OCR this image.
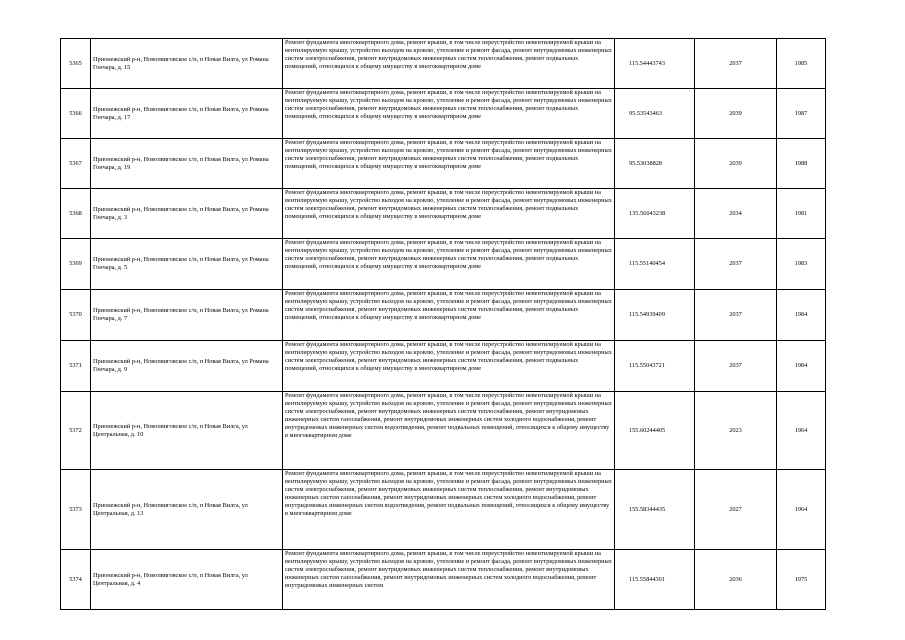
5365	Прионежский р-н, Новопвиговское с/п, п Новая Вилга, ул Романа Гончара, д. 15	Ремонт фундамента многоквартирного дома, ремонт крыши, в том числе переустройство невентилируемой крыши на вентилируемую крышу, устройство выходов на кровлю, утепление и ремонт фасада, ремонт внутридомовых инженерных систем электроснабжения, ремонт внутридомовых инженерных систем теплоснабжения, ремонт подвальных помещений, относящихся к общему имуществу в многоквартирном доме	115.54443743	2037	1985
5366	Прионежский р-н, Новопвиговское с/п, п Новая Вилга, ул Романа Гончара, д. 17	Ремонт фундамента многоквартирного дома, ремонт крыши, в том числе переустройство невентилируемой крыши на вентилируемую крышу, устройство выходов на кровлю, утепление и ремонт фасада, ремонт внутридомовых инженерных систем электроснабжения, ремонт внутридомовых инженерных систем теплоснабжения, ремонт подвальных помещений, относящихся к общему имуществу в многоквартирном доме	95.53543463	2039	1987
5367	Прионежский р-н, Новопвиговское с/п, п Новая Вилга, ул Романа Гончара, д. 19	Ремонт фундамента многоквартирного дома, ремонт крыши, в том числе переустройство невентилируемой крыши на вентилируемую крышу, устройство выходов на кровлю, утепление и ремонт фасада, ремонт внутридомовых инженерных систем электроснабжения, ремонт внутридомовых инженерных систем теплоснабжения, ремонт подвальных помещений, относящихся к общему имуществу в многоквартирном доме	95.53038828	2039	1988
5368	Прионежский р-н, Новопвиговское с/п, п Новая Вилга, ул Романа Гончара, д. 3	Ремонт фундамента многоквартирного дома, ремонт крыши, в том числе переустройство невентилируемой крыши на вентилируемую крышу, устройство выходов на кровлю, утепление и ремонт фасада, ремонт внутридомовых инженерных систем электроснабжения, ремонт внутридомовых инженерных систем теплоснабжения, ремонт подвальных помещений, относящихся к общему имуществу в многоквартирном доме	135.56043238	2034	1981
5369	Прионежский р-н, Новопвиговское с/п, п Новая Вилга, ул Романа Гончара, д. 5	Ремонт фундамента многоквартирного дома, ремонт крыши, в том числе переустройство невентилируемой крыши на вентилируемую крышу, устройство выходов на кровлю, утепление и ремонт фасада, ремонт внутридомовых инженерных систем электроснабжения, ремонт внутридомовых инженерных систем теплоснабжения, ремонт подвальных помещений, относящихся к общему имуществу в многоквартирном доме	115.55140454	2037	1983
5370	Прионежский р-н, Новопвиговское с/п, п Новая Вилга, ул Романа Гончара, д. 7	Ремонт фундамента многоквартирного дома, ремонт крыши, в том числе переустройство невентилируемой крыши на вентилируемую крышу, устройство выходов на кровлю, утепление и ремонт фасада, ремонт внутридомовых инженерных систем электроснабжения, ремонт внутридомовых инженерных систем теплоснабжения, ремонт подвальных помещений, относящихся к общему имуществу в многоквартирном доме	115.54939409	2037	1984
5371	Прионежский р-н, Новопвиговское с/п, п Новая Вилга, ул Романа Гончара, д. 9	Ремонт фундамента многоквартирного дома, ремонт крыши, в том числе переустройство невентилируемой крыши на вентилируемую крышу, устройство выходов на кровлю, утепление и ремонт фасада, ремонт внутридомовых инженерных систем электроснабжения, ремонт внутридомовых инженерных систем теплоснабжения, ремонт подвальных помещений, относящихся к общему имуществу в многоквартирном доме	115.55043721	2037	1984
5372	Прионежский р-н, Новопвиговское с/п, п Новая Вилга, ул Центральная, д. 10	Ремонт фундамента многоквартирного дома, ремонт крыши, в том числе переустройство невентилируемой крыши на вентилируемую крышу, устройство выходов на кровлю, утепление и ремонт фасада, ремонт внутридомовых инженерных систем электроснабжения, ремонт внутридомовых инженерных систем теплоснабжения, ремонт внутридомовых инженерных систем газоснабжения, ремонт внутридомовых инженерных систем холодного водоснабжения, ремонт внутридомовых инженерных систем водоотведения, ремонт подвальных помещений, относящихся к общему имуществу в многоквартирном доме	155.60244405	2023	1964
5373	Прионежский р-н, Новопвиговское с/п, п Новая Вилга, ул Центральная, д. 13	Ремонт фундамента многоквартирного дома, ремонт крыши, в том числе переустройство невентилируемой крыши на вентилируемую крышу, устройство выходов на кровлю, утепление и ремонт фасада, ремонт внутридомовых инженерных систем электроснабжения, ремонт внутридомовых инженерных систем теплоснабжения, ремонт внутридомовых инженерных систем газоснабжения, ремонт внутридомовых инженерных систем холодного водоснабжения, ремонт внутридомовых инженерных систем водоотведения, ремонт подвальных помещений, относящихся к общему имуществу в многоквартирном доме	155.58344435	2027	1964
5374	Прионежский р-н, Новопвиговское с/п, п Новая Вилга, ул Центральная, д. 4	Ремонт фундамента многоквартирного дома, ремонт крыши, в том числе переустройство невентилируемой крыши на вентилируемую крышу, устройство выходов на кровлю, утепление и ремонт фасада, ремонт внутридомовых инженерных систем электроснабжения, ремонт внутридомовых инженерных систем теплоснабжения, ремонт внутридомовых инженерных систем газоснабжения, ремонт внутридомовых инженерных систем холодного водоснабжения, ремонт внутридомовых инженерных систем	115.55844301	2036	1975
